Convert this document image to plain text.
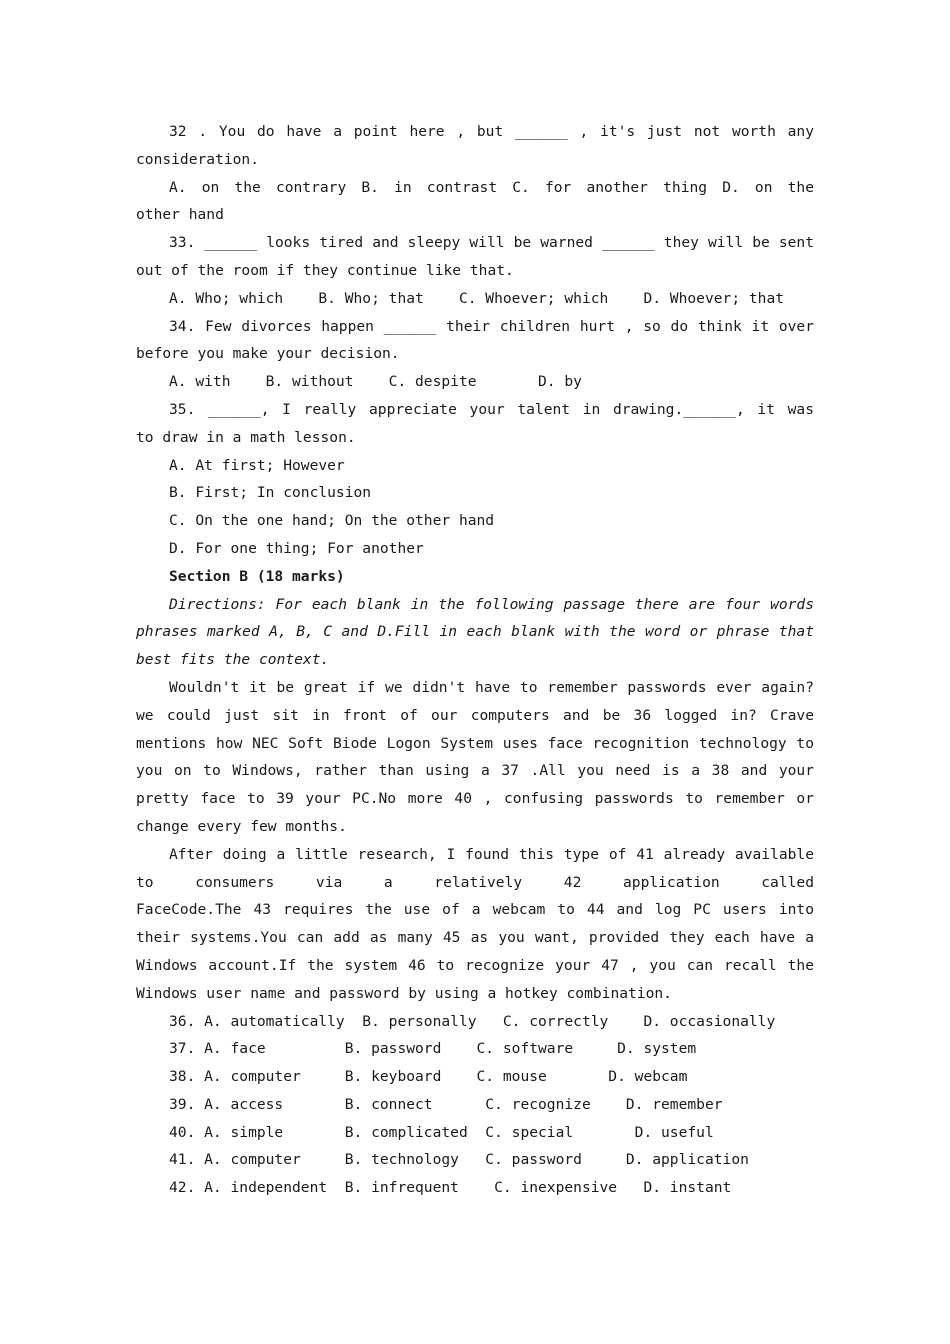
32 . You do have a point here , but ______ , it's just not worth any
consideration.
A. on the contrary B. in contrast C. for another thing D. on the
other hand
33. ______ looks tired and sleepy will be warned ______ they will be sent
out of the room if they continue like that.
A. Who; which    B. Who; that    C. Whoever; which    D. Whoever; that
34. Few divorces happen ______ their children hurt , so do think it over
before you make your decision.
A. with    B. without    C. despite       D. by
35. ______, I really appreciate your talent in drawing.______, it was
to draw in a math lesson.
A. At first; However
B. First; In conclusion
C. On the one hand; On the other hand
D. For one thing; For another
Section B (18 marks)
Directions: For each blank in the following passage there are four words
phrases marked A, B, C and D.Fill in each blank with the word or phrase that
best fits the context.
Wouldn't it be great if we didn't have to remember passwords ever again?
we could just sit in front of our computers and be 36 logged in? Crave
mentions how NEC Soft Biode Logon System uses face recognition technology to
you on to Windows, rather than using a 37 .All you need is a 38 and your
pretty face to 39 your PC.No more 40 , confusing passwords to remember or
change every few months.
After doing a little research, I found this type of 41 already available
to consumers via a relatively 42 application called
FaceCode.The 43 requires the use of a webcam to 44 and log PC users into
their systems.You can add as many 45 as you want, provided they each have a
Windows account.If the system 46 to recognize your 47 , you can recall the
Windows user name and password by using a hotkey combination.
36. A. automatically  B. personally   C. correctly    D. occasionally
37. A. face         B. password    C. software     D. system
38. A. computer     B. keyboard    C. mouse       D. webcam
39. A. access       B. connect      C. recognize    D. remember
40. A. simple       B. complicated  C. special       D. useful
41. A. computer     B. technology   C. password     D. application
42. A. independent  B. infrequent    C. inexpensive   D. instant
